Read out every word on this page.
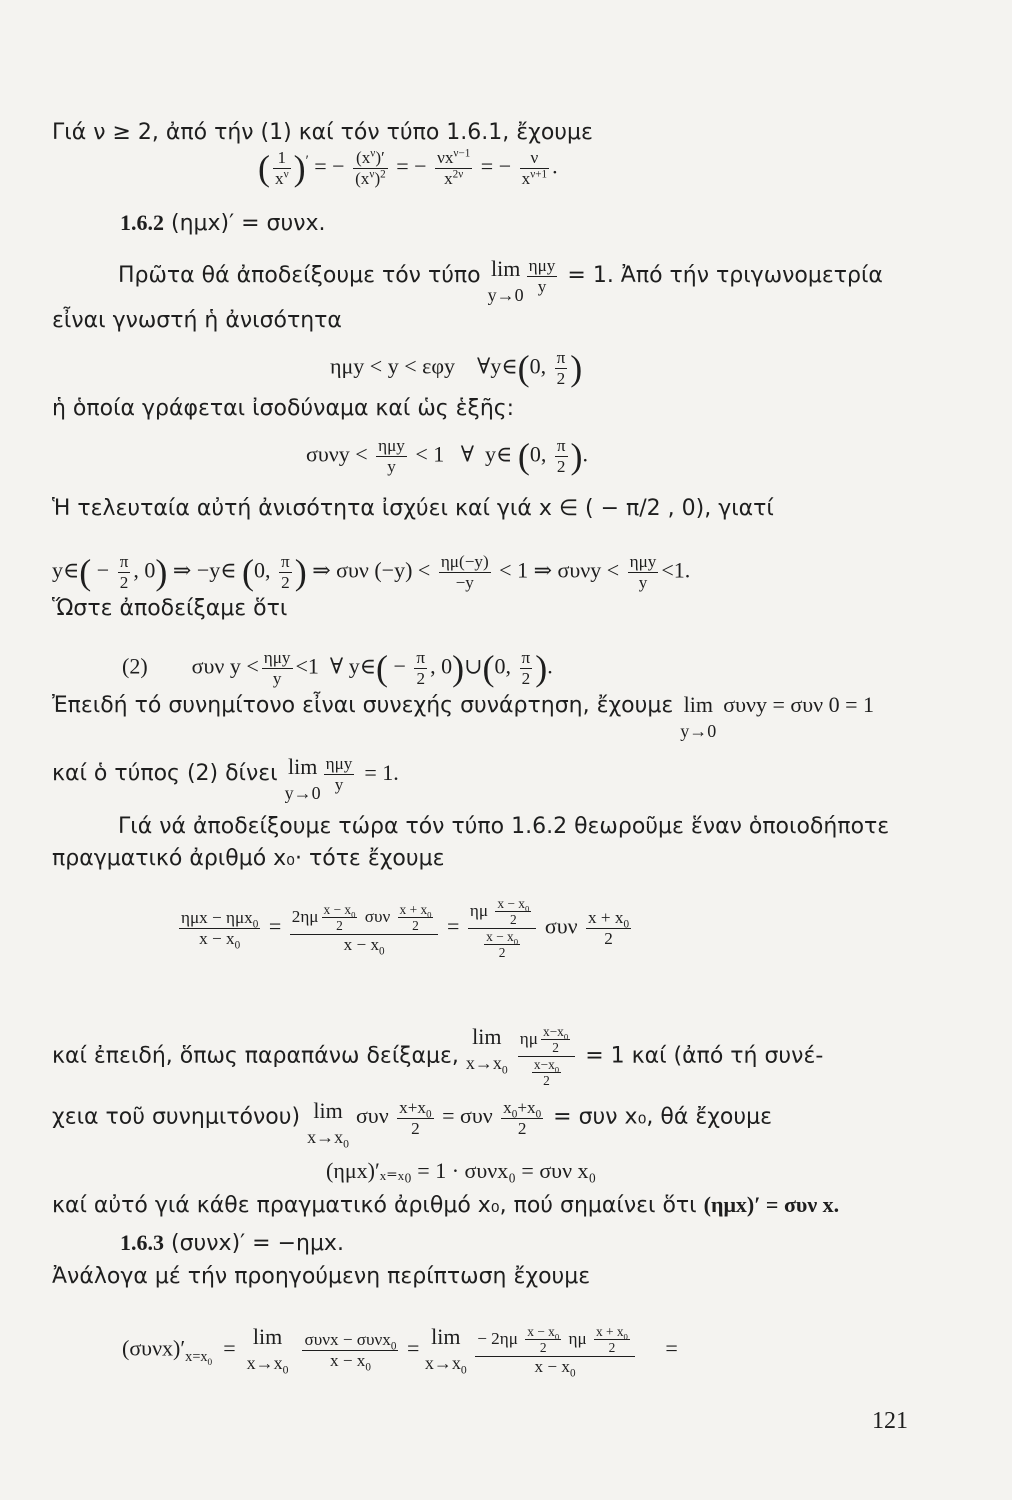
Γιά ν ≥ 2, ἀπό τήν (1) καί τόν τύπο 1.6.1, ἔχουμε
( $\frac{1}{x^\nu} )'$ = − $\frac{(x^\nu)'}{(x^\nu)^2}$ = − $\frac{\nu x^{\nu-1}}{x^{2\nu}}$ = − $\frac{\nu}{x^{\nu+1}}$ .
1.6.2 (ημx)′ = συνx.
Πρῶτα θά ἀποδείξουμε τόν τύπο lim
$y\to 0 \frac{\text{ημy}}{y} = 1$. Ἀπό τήν τριγωνομετρία
εἶναι γνωστή ἡ ἀνισότητα
ημy < y < εφy    ∀y∈(0, $\frac{\pi}{2}$ )
ἡ ὁποία γράφεται ἰσοδύναμα καί ὡς ἑξῆς:
$\sigma\upsilon\nu y < \frac{\text{ημy}}{y} < 1$   ∀  y∈ (0, $\frac{\pi}{2}$ ).
Ἡ τελευταία αὐτή ἀνισότητα ἰσχύει καί γιά x ∈ ( − π/2 , 0), γιατί
y∈( − $\frac{\pi}{2}$ , 0) ⇒ −y∈ (0, $\frac{\pi}{2}$ ) ⇒ συν $(-y) < \frac{\eta\mu(-y)}{-y} < 1$ ⇒ $\sigma\upsilon\nu y < \frac{\text{ημy}}{y} <1$.
Ὥστε ἀποδείξαμε ὅτι
(2)        συν $y < \frac{\text{ημy}}{y} <1$  ∀ y∈( − $\frac{\pi}{2}$ , 0)∪(0, $\frac{\pi}{2}$ ).
Ἐπειδή τό συνημίτονο εἶναι συνεχής συνάρτηση, ἔχουμε lim
y→0
συνy = συν 0 = 1
καί ὁ τύπος (2) δίνει lim
$y\to 0 \frac{\text{ημy}}{y} = 1$.
Γιά νά ἀποδείξουμε τώρα τόν τύπο 1.6.2 θεωροῦμε ἕναν ὁποιοδήποτε
πραγματικό ἀριθμό x₀· τότε ἔχουμε
$\frac{\eta\mu x - \eta\mu x_0}{x - x_0} = \frac{2\eta\mu \frac{x - x_0}{2} \sigma\upsilon\nu \frac{x + x_0}{2}}{x - x_0} = \frac{\eta\mu \frac{x - x_0}{2}}{\frac{x - x_0}{2}}$ συν $\frac{x + x_0}{2}$
καί ἐπειδή, ὅπως παραπάνω δείξαμε,
lim
$x\to x_0$
$\frac{\eta\mu \frac{x-x_0}{2}}{\frac{x-x_0}{2}} = 1$ καί (ἀπό τή συνέ-
χεια τοῦ συνημιτόνου) lim
$x\to x_0$
συν $\frac{x+x_0}{2} = \sigma\upsilon\nu \frac{x_0+x_0}{2} = \sigma\upsilon\nu$ x₀, θά ἔχουμε
(ημx)′ₓ₌ₓ₀ = 1 · συνx₀ = συν x₀
καί αὐτό γιά κάθε πραγματικό ἀριθμό x₀, πού σημαίνει ὅτι (ημx)′ = συν x.
1.6.3 (συνx)′ = −ημx.
Ἀνάλογα μέ τήν προηγούμενη περίπτωση ἔχουμε
$(\sigma\upsilon\nu x)'_{x=x_0} = \lim$
$x\to x_0$
$\frac{\sigma\upsilon\nu x - \sigma\upsilon\nu x_0}{x - x_0} = \lim$
$x\to x_0$
$\frac{- 2\eta\mu \frac{x - x_0}{2} \eta\mu \frac{x + x_0}{2}}{x - x_0}$ =
121
